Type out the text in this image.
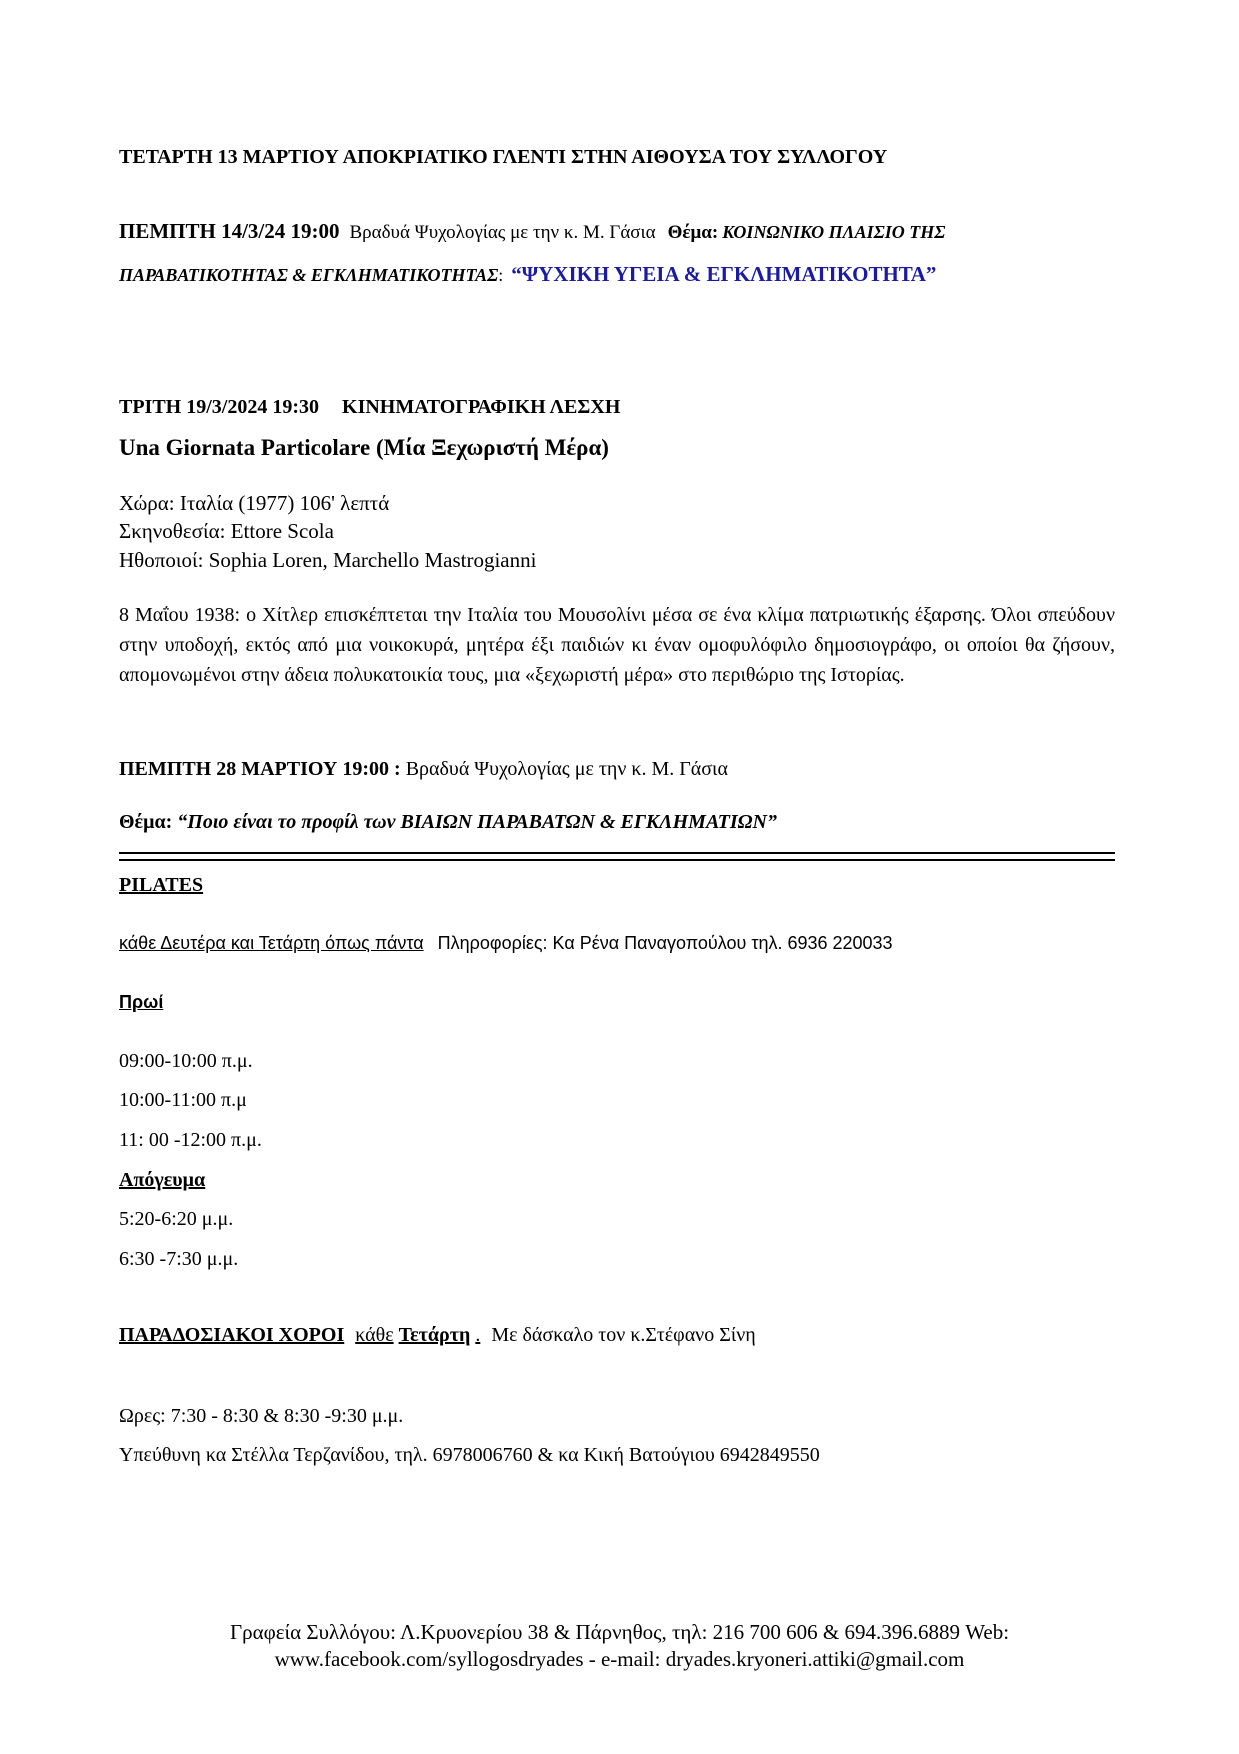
ΤΕΤΑΡΤΗ 13 ΜΑΡΤΙΟΥ ΑΠΟΚΡΙΑΤΙΚΟ ΓΛΕΝΤΙ ΣΤΗΝ ΑΙΘΟΥΣΑ ΤΟΥ ΣΥΛΛΟΓΟΥ
ΠΕΜΠΤΗ 14/3/24 19:00 Βραδυά Ψυχολογίας με την κ. Μ. Γάσια Θέμα: ΚΟΙΝΩΝΙΚΟ ΠΛΑΙΣΙΟ ΤΗΣ
ΠΑΡΑΒΑΤΙΚΟΤΗΤΑΣ & ΕΓΚΛΗΜΑΤΙΚΟΤΗΤΑΣ: “ΨΥΧΙΚΗ ΥΓΕΙΑ & ΕΓΚΛΗΜΑΤΙΚΟΤΗΤΑ”
ΤΡΙΤΗ 19/3/2024 19:30 ΚΙΝΗΜΑΤΟΓΡΑΦΙΚΗ ΛΕΣΧΗ
Una Giornata Particolare (Μία Ξεχωριστή Μέρα)
Χώρα: Ιταλία (1977) 106' λεπτά
Σκηνοθεσία: Ettore Scola
Ηθοποιοί: Sophia Loren, Marchello Mastrogianni
8 Μαΐου 1938: ο Χίτλερ επισκέπτεται την Ιταλία του Μουσολίνι μέσα σε ένα κλίμα πατριωτικής έξαρσης. Όλοι σπεύδουν στην υποδοχή, εκτός από μια νοικοκυρά, μητέρα έξι παιδιών κι έναν ομοφυλόφιλο δημοσιογράφο, οι οποίοι θα ζήσουν, απομονωμένοι στην άδεια πολυκατοικία τους, μια «ξεχωριστή μέρα» στο περιθώριο της Ιστορίας.
ΠΕΜΠΤΗ 28 ΜΑΡΤΙΟΥ 19:00 : Βραδυά Ψυχολογίας με την κ. Μ. Γάσια
Θέμα: “Ποιο είναι το προφίλ των ΒΙΑΙΩΝ ΠΑΡΑΒΑΤΩΝ & ΕΓΚΛΗΜΑΤΙΩΝ”
PILATES
κάθε Δευτέρα και Τετάρτη όπως πάντα Πληροφορίες: Κα Ρένα Παναγοπούλου τηλ. 6936 220033
Πρωί
09:00-10:00 π.μ.
10:00-11:00 π.μ
11: 00 -12:00 π.μ.
Απόγευμα
5:20-6:20 μ.μ.
6:30 -7:30 μ.μ.
ΠΑΡΑΔΟΣΙΑΚΟΙ ΧΟΡΟΙ κάθε Τετάρτη . Με δάσκαλο τον κ.Στέφανο Σίνη
Ωρες: 7:30 - 8:30 & 8:30 -9:30 μ.μ.
Υπεύθυνη κα Στέλλα Τερζανίδου, τηλ. 6978006760 & κα Κική Βατούγιου 6942849550
Γραφεία Συλλόγου: Λ.Κρυονερίου 38 & Πάρνηθος, τηλ: 216 700 606 & 694.396.6889 Web:
www.facebook.com/syllogosdryades - e-mail: dryades.kryoneri.attiki@gmail.com
